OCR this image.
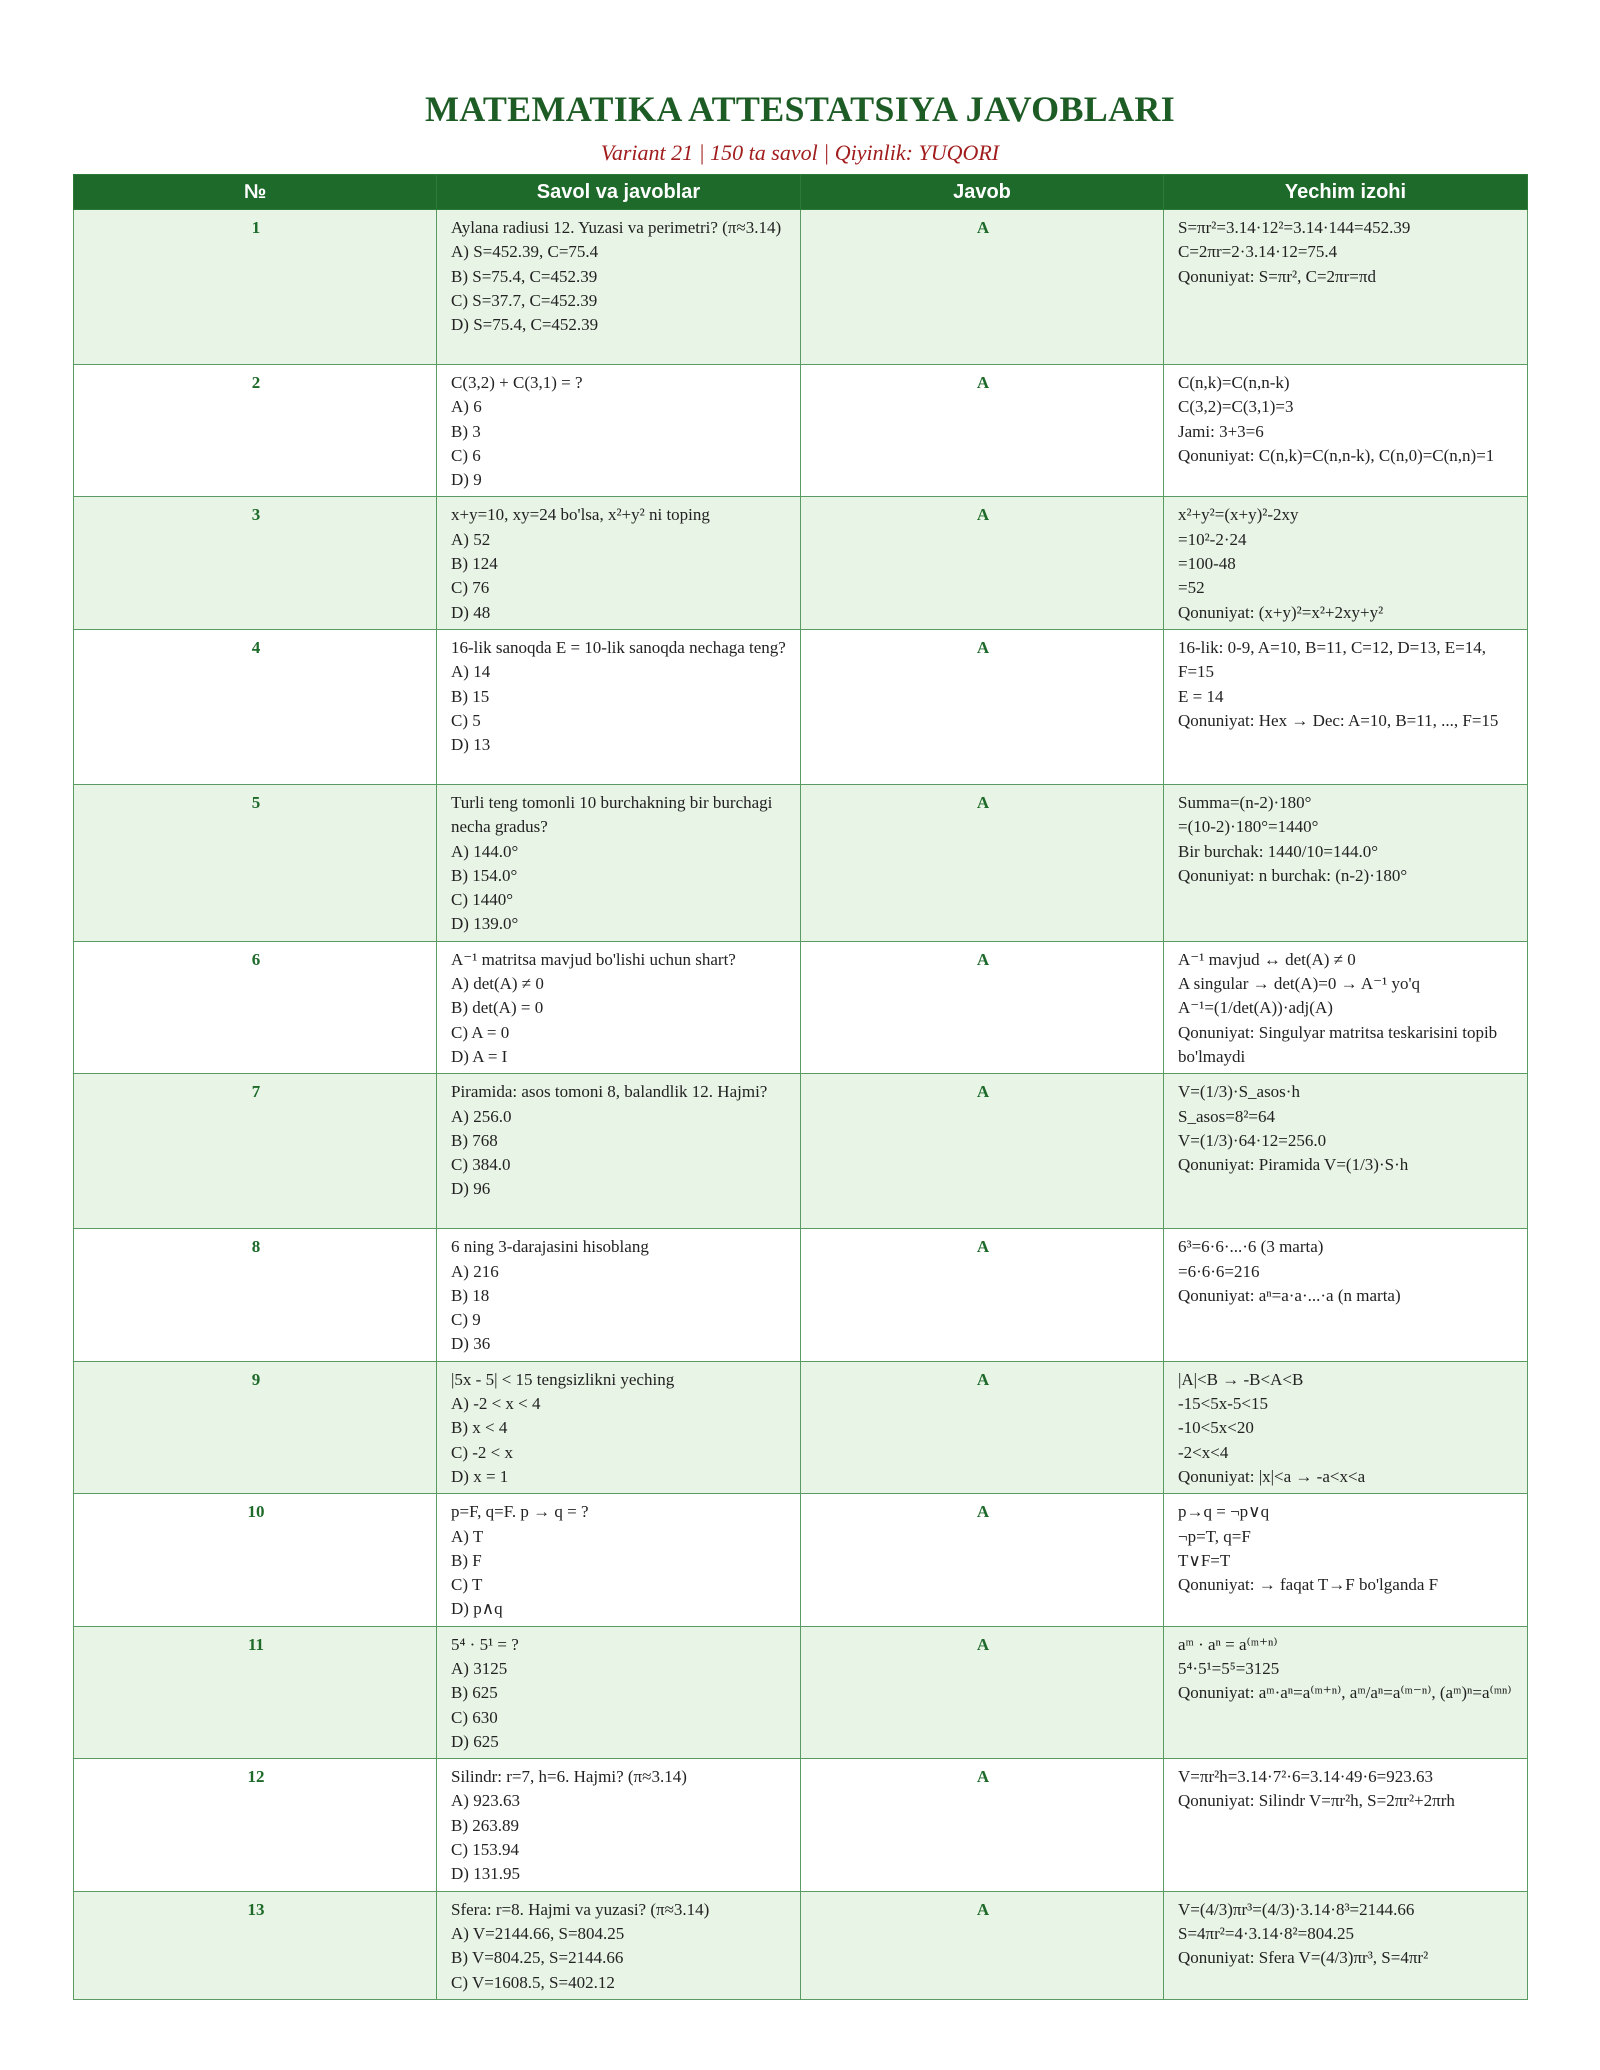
MATEMATIKA ATTESTATSIYA JAVOBLARI
Variant 21 | 150 ta savol | Qiyinlik: YUQORI
№	Savol va javoblar	Javob	Yechim izohi
1	Aylana radiusi 12. Yuzasi va perimetri? (π≈3.14)
A) S=452.39, C=75.4
B) S=75.4, C=452.39
C) S=37.7, C=452.39
D) S=75.4, C=452.39	A	S=πr²=3.14·12²=3.14·144=452.39
C=2πr=2·3.14·12=75.4
Qonuniyat: S=πr², C=2πr=πd

2	C(3,2) + C(3,1) = ?
A) 6
B) 3
C) 6
D) 9	A	C(n,k)=C(n,n-k)
C(3,2)=C(3,1)=3
Jami: 3+3=6
Qonuniyat: C(n,k)=C(n,n-k), C(n,0)=C(n,n)=1

3	x+y=10, xy=24 bo'lsa, x²+y² ni toping
A) 52
B) 124
C) 76
D) 48	A	x²+y²=(x+y)²-2xy
=10²-2·24
=100-48
=52
Qonuniyat: (x+y)²=x²+2xy+y²

4	16-lik sanoqda E = 10-lik sanoqda nechaga teng?
A) 14
B) 15
C) 5
D) 13	A	16-lik: 0-9, A=10, B=11, C=12, D=13, E=14, F=15
E = 14
Qonuniyat: Hex → Dec: A=10, B=11, ..., F=15

5	Turli teng tomonli 10 burchakning bir burchagi necha gradus?
A) 144.0°
B) 154.0°
C) 1440°
D) 139.0°	A	Summa=(n-2)·180°
=(10-2)·180°=1440°
Bir burchak: 1440/10=144.0°
Qonuniyat: n burchak: (n-2)·180°

6	A⁻¹ matritsa mavjud bo'lishi uchun shart?
A) det(A) ≠ 0
B) det(A) = 0
C) A = 0
D) A = I	A	A⁻¹ mavjud ↔ det(A) ≠ 0
A singular → det(A)=0 → A⁻¹ yo'q
A⁻¹=(1/det(A))·adj(A)
Qonuniyat: Singulyar matritsa teskarisini topib bo'lmaydi

7	Piramida: asos tomoni 8, balandlik 12. Hajmi?
A) 256.0
B) 768
C) 384.0
D) 96	A	V=(1/3)·S_asos·h
S_asos=8²=64
V=(1/3)·64·12=256.0
Qonuniyat: Piramida V=(1/3)·S·h

8	6 ning 3-darajasini hisoblang
A) 216
B) 18
C) 9
D) 36	A	6³=6·6·...·6 (3 marta)
=6·6·6=216
Qonuniyat: aⁿ=a·a·...·a (n marta)

9	|5x - 5| < 15 tengsizlikni yeching
A) -2 < x < 4
B) x < 4
C) -2 < x
D) x = 1	A	|A|<B → -B<A<B
-15<5x-5<15
-10<5x<20
-2<x<4
Qonuniyat: |x|<a → -a<x<a

10	p=F, q=F. p → q = ?
A) T
B) F
C) T
D) p∧q	A	p→q = ¬p∨q
¬p=T, q=F
T∨F=T
Qonuniyat: → faqat T→F bo'lganda F

11	5⁴ · 5¹ = ?
A) 3125
B) 625
C) 630
D) 625	A	aᵐ · aⁿ = a⁽ᵐ⁺ⁿ⁾
5⁴·5¹=5⁵=3125
Qonuniyat: aᵐ·aⁿ=a⁽ᵐ⁺ⁿ⁾, aᵐ/aⁿ=a⁽ᵐ⁻ⁿ⁾, (aᵐ)ⁿ=a⁽ᵐⁿ⁾

12	Silindr: r=7, h=6. Hajmi? (π≈3.14)
A) 923.63
B) 263.89
C) 153.94
D) 131.95	A	V=πr²h=3.14·7²·6=3.14·49·6=923.63
Qonuniyat: Silindr V=πr²h, S=2πr²+2πrh

13	Sfera: r=8. Hajmi va yuzasi? (π≈3.14)
A) V=2144.66, S=804.25
B) V=804.25, S=2144.66
C) V=1608.5, S=402.12	A	V=(4/3)πr³=(4/3)·3.14·8³=2144.66
S=4πr²=4·3.14·8²=804.25
Qonuniyat: Sfera V=(4/3)πr³, S=4πr²
